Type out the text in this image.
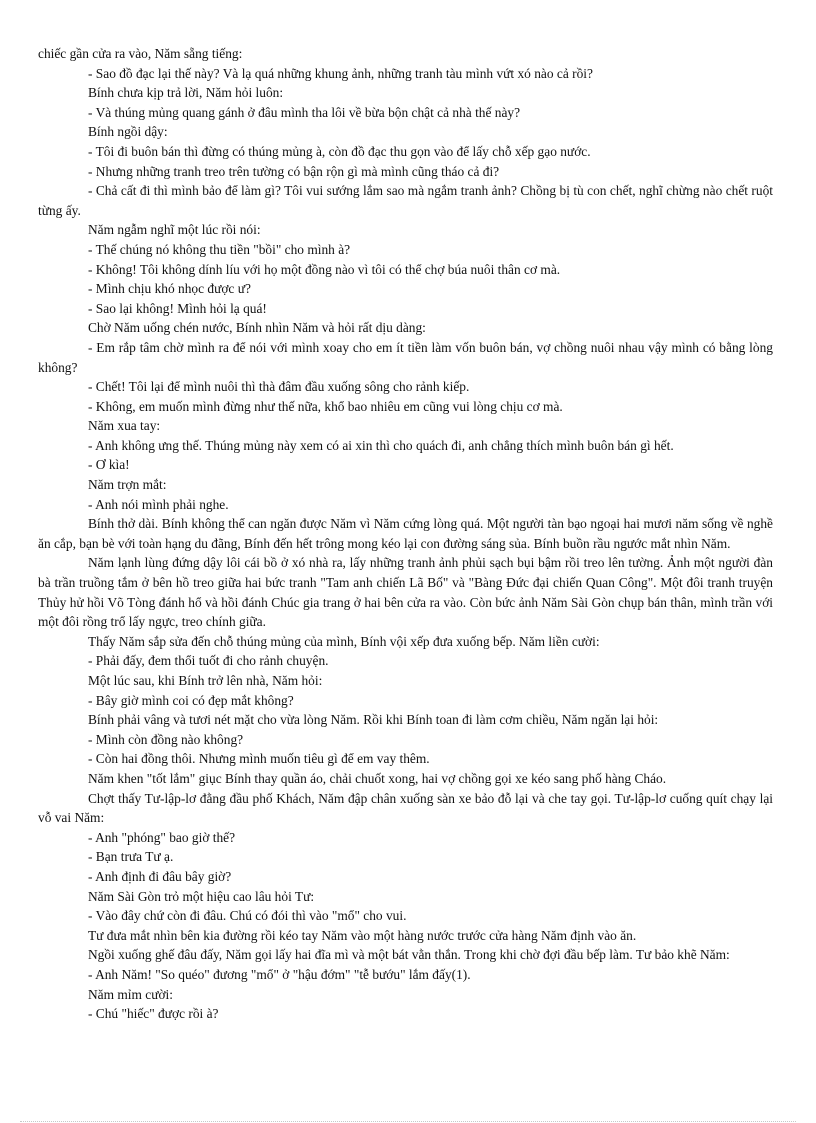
chiếc gần cửa ra vào, Năm sẵng tiếng:

- Sao đồ đạc lại thế này? Và lạ quá những khung ảnh, những tranh tàu mình vứt xó nào cả rồi?

Bính chưa kịp trả lời, Năm hỏi luôn:

- Và thúng mủng quang gánh ở đâu mình tha lôi về bừa bộn chật cả nhà thế này?

Bính ngồi dậy:

- Tôi đi buôn bán thì đừng có thúng mủng à, còn đồ đạc thu gọn vào để lấy chỗ xếp gạo nước.

- Nhưng những tranh treo trên tường có bận rộn gì mà mình cũng tháo cả đi?

- Chả cất đi thì mình bảo để làm gì? Tôi vui sướng lắm sao mà ngắm tranh ảnh? Chồng bị tù con chết, nghĩ chừng nào chết ruột từng ấy.

Năm ngẫm nghĩ một lúc rồi nói:

- Thế chúng nó không thu tiền "bồi" cho mình à?

- Không! Tôi không dính líu với họ một đồng nào vì tôi có thể chợ búa nuôi thân cơ mà.

- Mình chịu khó nhọc được ư?

- Sao lại không! Mình hỏi lạ quá!

Chờ Năm uống chén nước, Bính nhìn Năm và hỏi rất dịu dàng:

- Em rắp tâm chờ mình ra để nói với mình xoay cho em ít tiền làm vốn buôn bán, vợ chồng nuôi nhau vậy mình có bằng lòng không?

- Chết! Tôi lại để mình nuôi thì thà đâm đầu xuống sông cho rảnh kiếp.

- Không, em muốn mình đừng như thế nữa, khổ bao nhiêu em cũng vui lòng chịu cơ mà.

Năm xua tay:

- Anh không ưng thế. Thúng mủng này xem có ai xin thì cho quách đi, anh chẳng thích mình buôn bán gì hết.

- Ơ kìa!

Năm trợn mắt:

- Anh nói mình phải nghe.

Bính thở dài. Bính không thể can ngăn được Năm vì Năm cứng lòng quá. Một người tàn bạo ngoại hai mươi năm sống về nghề ăn cắp, bạn bè với toàn hạng du đãng, Bính đến hết trông mong kéo lại con đường sáng sủa. Bính buồn rầu ngước mắt nhìn Năm.

Năm lạnh lùng đứng dậy lôi cái bồ ở xó nhà ra, lấy những tranh ảnh phủi sạch bụi bậm rồi treo lên tường. Ảnh một người đàn bà trần truồng tắm ở bên hồ treo giữa hai bức tranh "Tam anh chiến Lã Bố" và "Bàng Đức đại chiến Quan Công". Một đôi tranh truyện Thủy hử hồi Võ Tòng đánh hổ và hồi đánh Chúc gia trang ở hai bên cửa ra vào. Còn bức ảnh Năm Sài Gòn chụp bán thân, mình trần với một đôi rồng trổ lấy ngực, treo chính giữa.

Thấy Năm sắp sửa đến chỗ thúng mủng của mình, Bính vội xếp đưa xuống bếp. Năm liền cười:

- Phải đấy, đem thổi tuốt đi cho rảnh chuyện.

Một lúc sau, khi Bính trở lên nhà, Năm hỏi:

- Bây giờ mình coi có đẹp mắt không?

Bính phải vâng và tươi nét mặt cho vừa lòng Năm. Rồi khi Bính toan đi làm cơm chiều, Năm ngăn lại hỏi:

- Mình còn đồng nào không?

- Còn hai đồng thôi. Nhưng mình muốn tiêu gì để em vay thêm.

Năm khen "tốt lắm" giục Bính thay quần áo, chải chuốt xong, hai vợ chồng gọi xe kéo sang phố hàng Cháo.

Chợt thấy Tư-lập-lơ đằng đầu phố Khách, Năm đập chân xuống sàn xe bảo đỗ lại và che tay gọi. Tư-lập-lơ cuống quít chạy lại vỗ vai Năm:

- Anh "phóng" bao giờ thế?

- Bạn trưa Tư ạ.

- Anh định đi đâu bây giờ?

Năm Sài Gòn trỏ một hiệu cao lâu hỏi Tư:

- Vào đây chứ còn đi đâu. Chú có đói thì vào "mổ" cho vui.

Tư đưa mắt nhìn bên kia đường rồi kéo tay Năm vào một hàng nước trước cửa hàng Năm định vào ăn.

Ngồi xuống ghế đâu đấy, Năm gọi lấy hai đĩa mì và một bát vằn thắn. Trong khi chờ đợi đầu bếp làm. Tư bảo khẽ Năm:

- Anh Năm! "So quéo" đương "mổ" ở "hậu đớm" "tễ bướu" lắm đấy(1).

Năm mỉm cười:

- Chú "hiếc" được rồi à?
